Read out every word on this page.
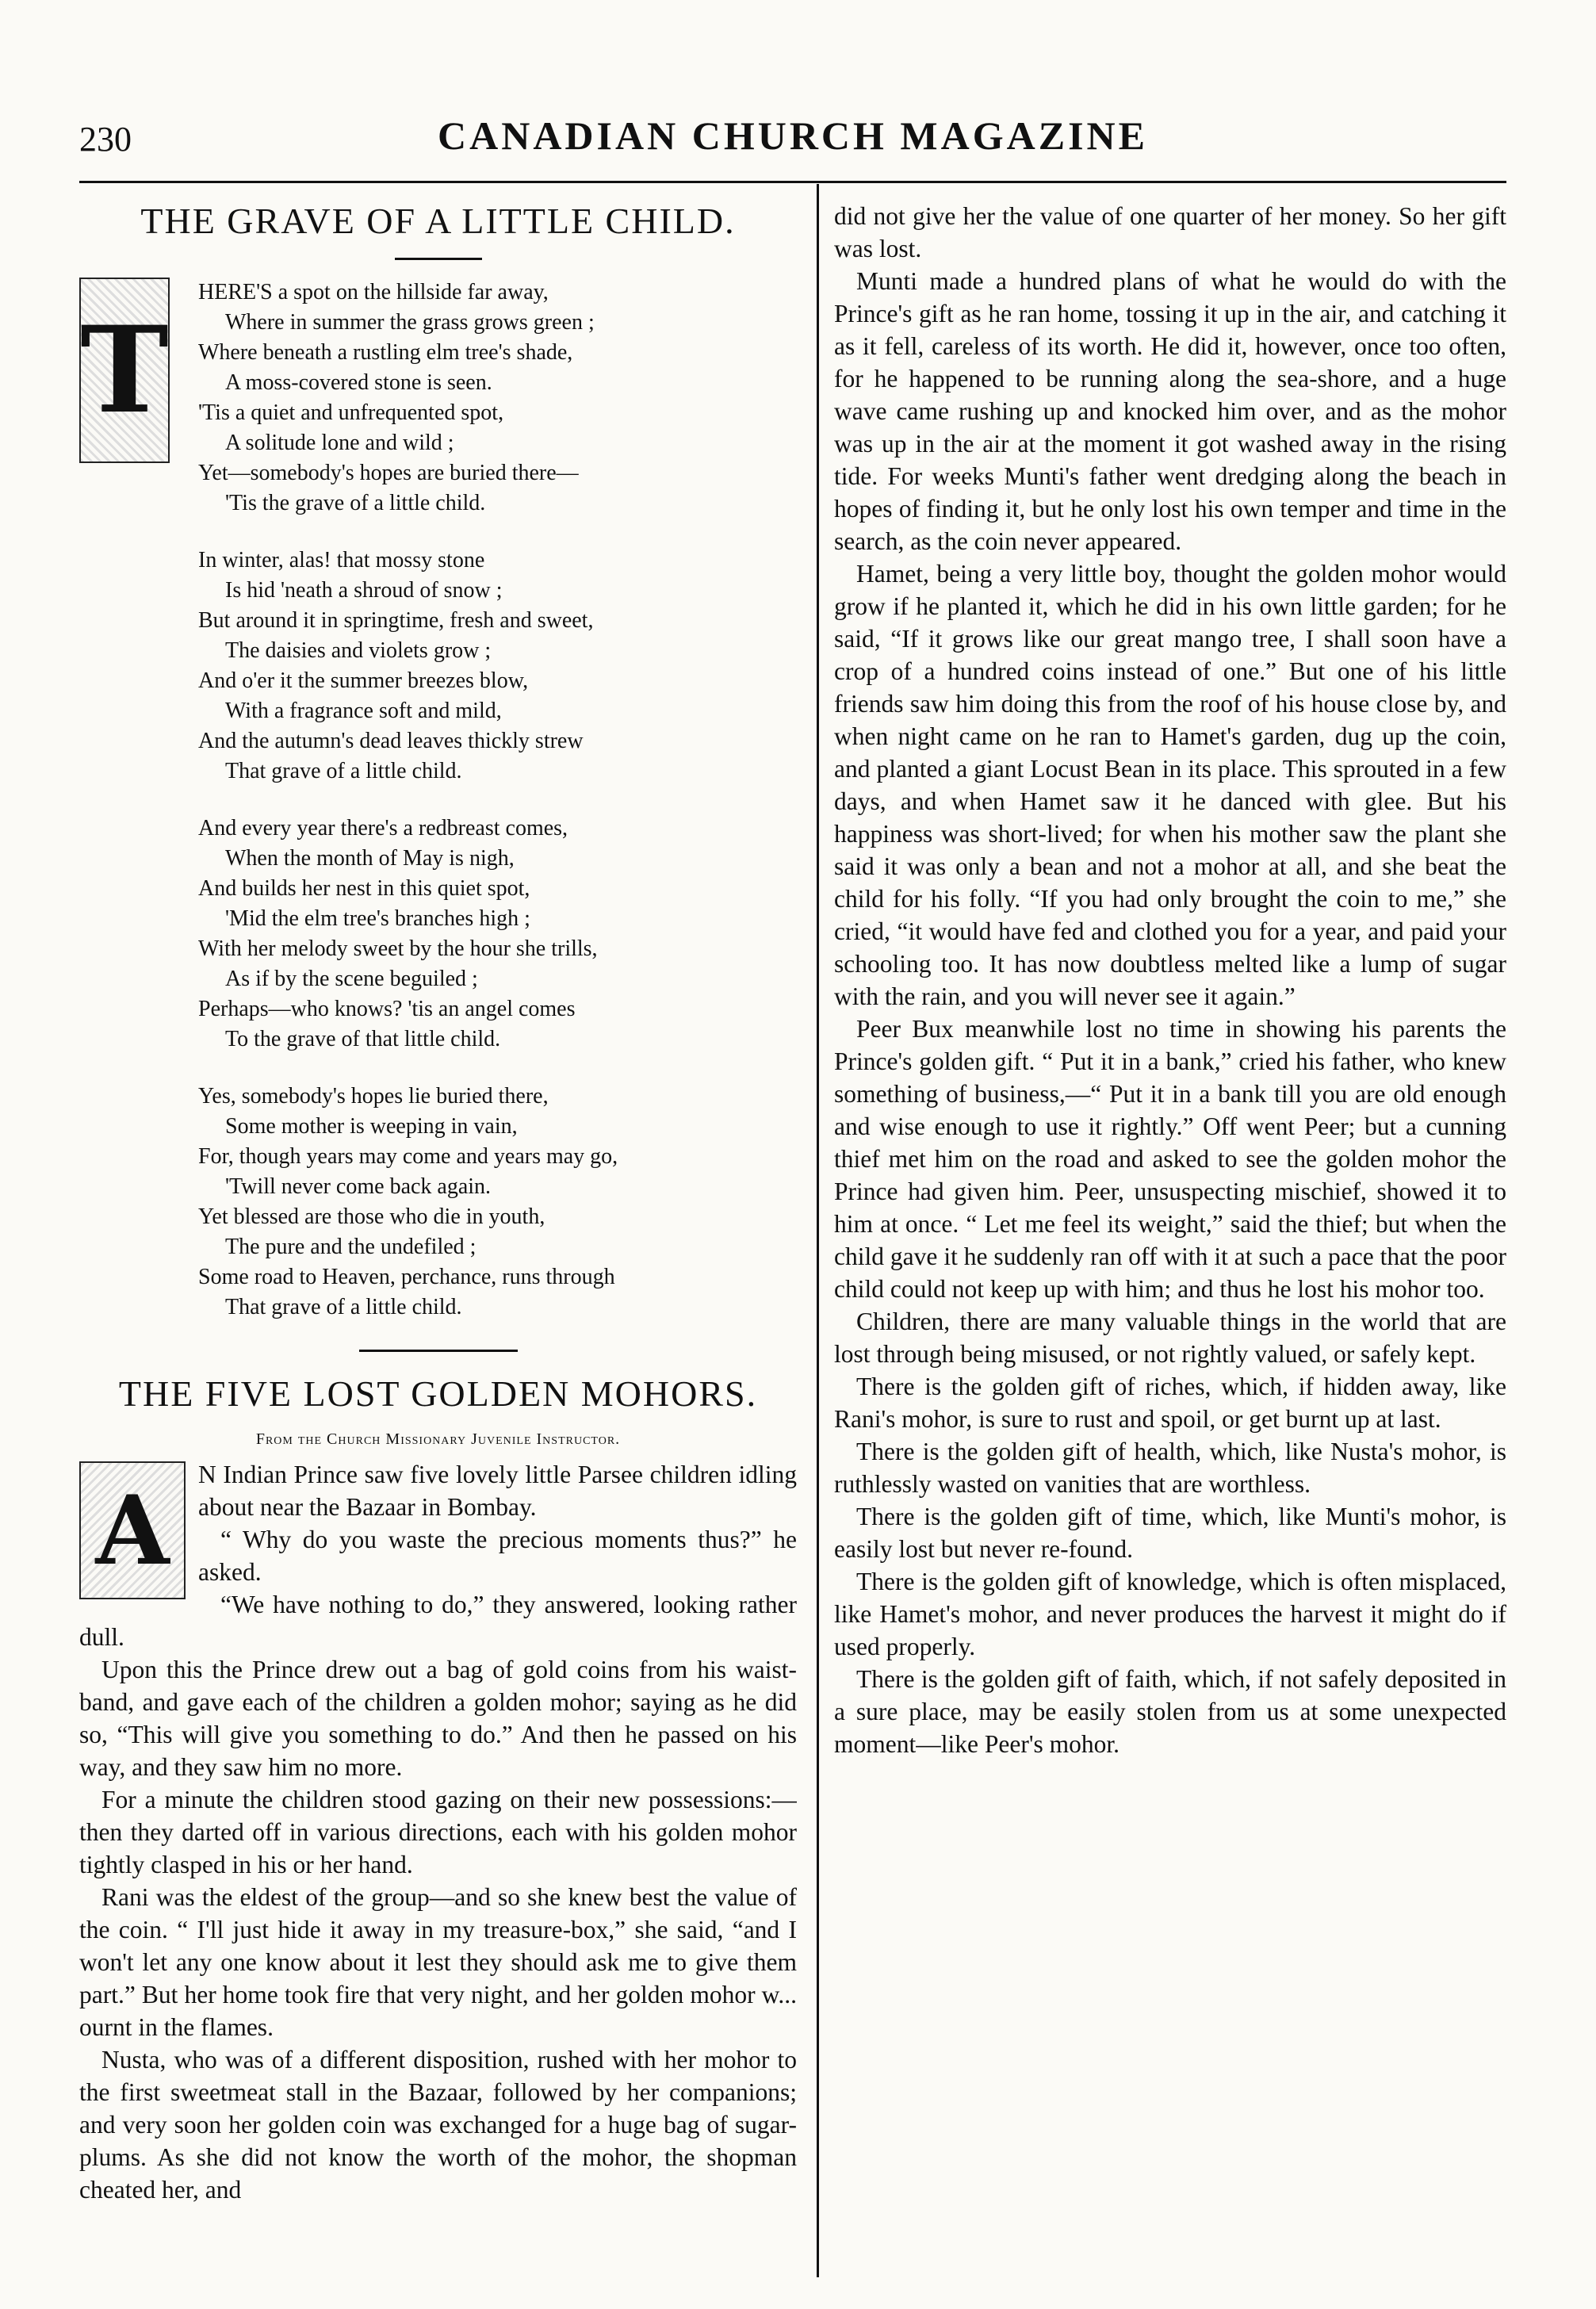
230	CANADIAN CHURCH MAGAZINE
THE GRAVE OF A LITTLE CHILD.
T
HERE'S a spot on the hillside far away,
Where in summer the grass grows green ;
Where beneath a rustling elm tree's shade,
A moss-covered stone is seen.
'Tis a quiet and unfrequented spot,
A solitude lone and wild ;
Yet—somebody's hopes are buried there—
'Tis the grave of a little child.
In winter, alas! that mossy stone
Is hid 'neath a shroud of snow ;
But around it in springtime, fresh and sweet,
The daisies and violets grow ;
And o'er it the summer breezes blow,
With a fragrance soft and mild,
And the autumn's dead leaves thickly strew
That grave of a little child.
And every year there's a redbreast comes,
When the month of May is nigh,
And builds her nest in this quiet spot,
'Mid the elm tree's branches high ;
With her melody sweet by the hour she trills,
As if by the scene beguiled ;
Perhaps—who knows? 'tis an angel comes
To the grave of that little child.
Yes, somebody's hopes lie buried there,
Some mother is weeping in vain,
For, though years may come and years may go,
'Twill never come back again.
Yet blessed are those who die in youth,
The pure and the undefiled ;
Some road to Heaven, perchance, runs through
That grave of a little child.
THE FIVE LOST GOLDEN MOHORS.
From the Church Missionary Juvenile Instructor.

A	N Indian Prince saw five lovely little Parsee children idling about near the Bazaar in Bombay.

“ Why do you waste the precious moments thus?” he asked.

“We have nothing to do,” they answered, looking rather dull.

Upon this the Prince drew out a bag of gold coins from his waist-band, and gave each of the children a golden mohor; saying as he did so, “This will give you something to do.” And then he passed on his way, and they saw him no more.

For a minute the children stood gazing on their new possessions:—then they darted off in various directions, each with his golden mohor tightly clasped in his or her hand.

Rani was the eldest of the group—and so she knew best the value of the coin. “ I'll just hide it away in my treasure-box,” she said, “and I won't let any one know about it lest they should ask me to give them part.” But her home took fire that very night, and her golden mohor w... ournt in the flames.

Nusta, who was of a different disposition, rushed with her mohor to the first sweetmeat stall in the Bazaar, followed by her companions; and very soon her golden coin was exchanged for a huge bag of sugar-plums. As she did not know the worth of the mohor, the shopman cheated her, and

did not give her the value of one quarter of her money. So her gift was lost.

Munti made a hundred plans of what he would do with the Prince's gift as he ran home, tossing it up in the air, and catching it as it fell, careless of its worth. He did it, however, once too often, for he happened to be running along the sea-shore, and a huge wave came rushing up and knocked him over, and as the mohor was up in the air at the moment it got washed away in the rising tide. For weeks Munti's father went dredging along the beach in hopes of finding it, but he only lost his own temper and time in the search, as the coin never appeared.

Hamet, being a very little boy, thought the golden mohor would grow if he planted it, which he did in his own little garden; for he said, “If it grows like our great mango tree, I shall soon have a crop of a hundred coins instead of one.” But one of his little friends saw him doing this from the roof of his house close by, and when night came on he ran to Hamet's garden, dug up the coin, and planted a giant Locust Bean in its place. This sprouted in a few days, and when Hamet saw it he danced with glee. But his happiness was short-lived; for when his mother saw the plant she said it was only a bean and not a mohor at all, and she beat the child for his folly. “If you had only brought the coin to me,” she cried, “it would have fed and clothed you for a year, and paid your schooling too. It has now doubtless melted like a lump of sugar with the rain, and you will never see it again.”

Peer Bux meanwhile lost no time in showing his parents the Prince's golden gift. “ Put it in a bank,” cried his father, who knew something of business,—“ Put it in a bank till you are old enough and wise enough to use it rightly.” Off went Peer; but a cunning thief met him on the road and asked to see the golden mohor the Prince had given him. Peer, unsuspecting mischief, showed it to him at once. “ Let me feel its weight,” said the thief; but when the child gave it he suddenly ran off with it at such a pace that the poor child could not keep up with him; and thus he lost his mohor too.

Children, there are many valuable things in the world that are lost through being misused, or not rightly valued, or safely kept.

There is the golden gift of riches, which, if hidden away, like Rani's mohor, is sure to rust and spoil, or get burnt up at last.

There is the golden gift of health, which, like Nusta's mohor, is ruthlessly wasted on vanities that are worthless.

There is the golden gift of time, which, like Munti's mohor, is easily lost but never re-found.

There is the golden gift of knowledge, which is often misplaced, like Hamet's mohor, and never produces the harvest it might do if used properly.

There is the golden gift of faith, which, if not safely deposited in a sure place, may be easily stolen from us at some unexpected moment—like Peer's mohor.
